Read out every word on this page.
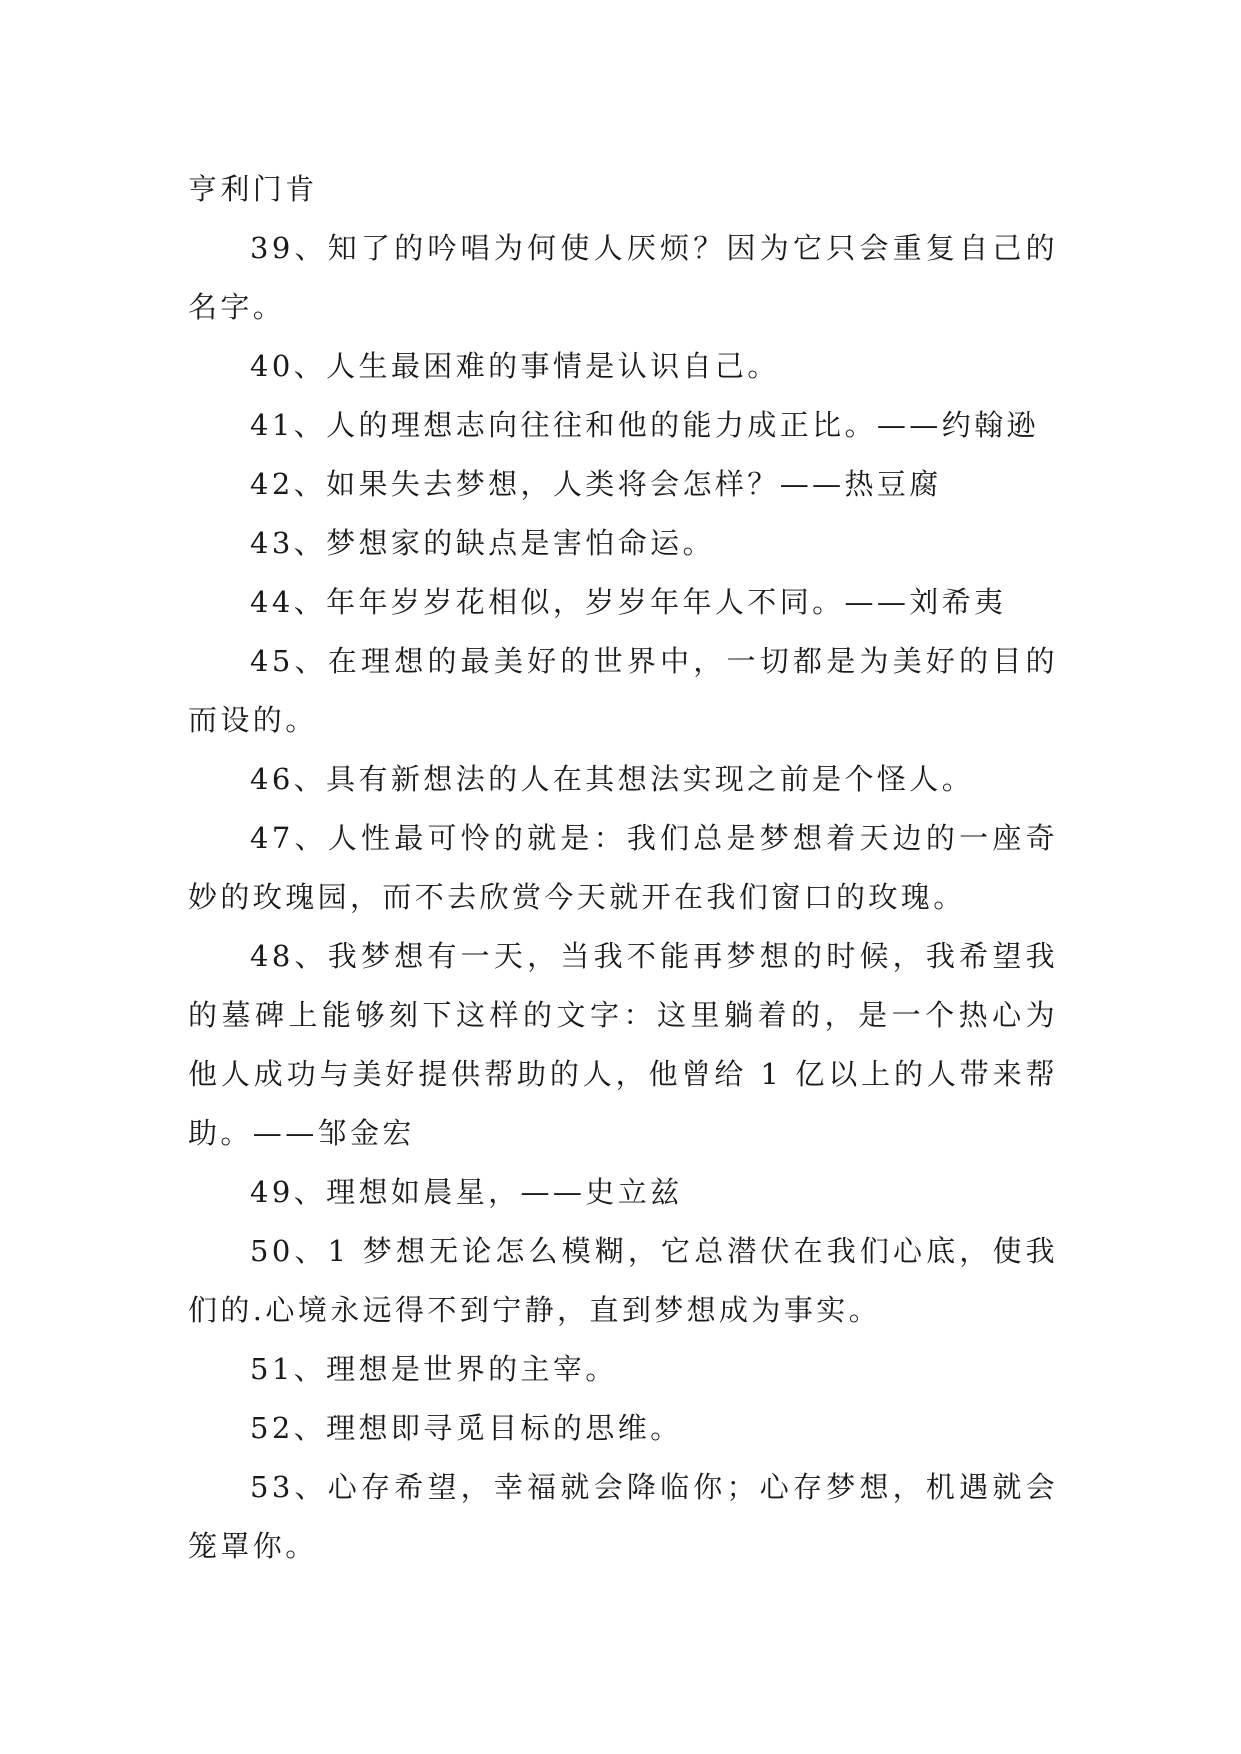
亨利门肯

39、知了的吟唱为何使人厌烦？因为它只会重复自己的名字。

40、人生最困难的事情是认识自己。

41、人的理想志向往往和他的能力成正比。——约翰逊

42、如果失去梦想，人类将会怎样？——热豆腐

43、梦想家的缺点是害怕命运。

44、年年岁岁花相似，岁岁年年人不同。——刘希夷

45、在理想的最美好的世界中，一切都是为美好的目的而设的。

46、具有新想法的人在其想法实现之前是个怪人。

47、人性最可怜的就是：我们总是梦想着天边的一座奇妙的玫瑰园，而不去欣赏今天就开在我们窗口的玫瑰。

48、我梦想有一天，当我不能再梦想的时候，我希望我的墓碑上能够刻下这样的文字：这里躺着的，是一个热心为他人成功与美好提供帮助的人，他曾给 1 亿以上的人带来帮助。——邹金宏

49、理想如晨星，——史立兹

50、1 梦想无论怎么模糊，它总潜伏在我们心底，使我们的.心境永远得不到宁静，直到梦想成为事实。

51、理想是世界的主宰。

52、理想即寻觅目标的思维。

53、心存希望，幸福就会降临你；心存梦想，机遇就会笼罩你。
